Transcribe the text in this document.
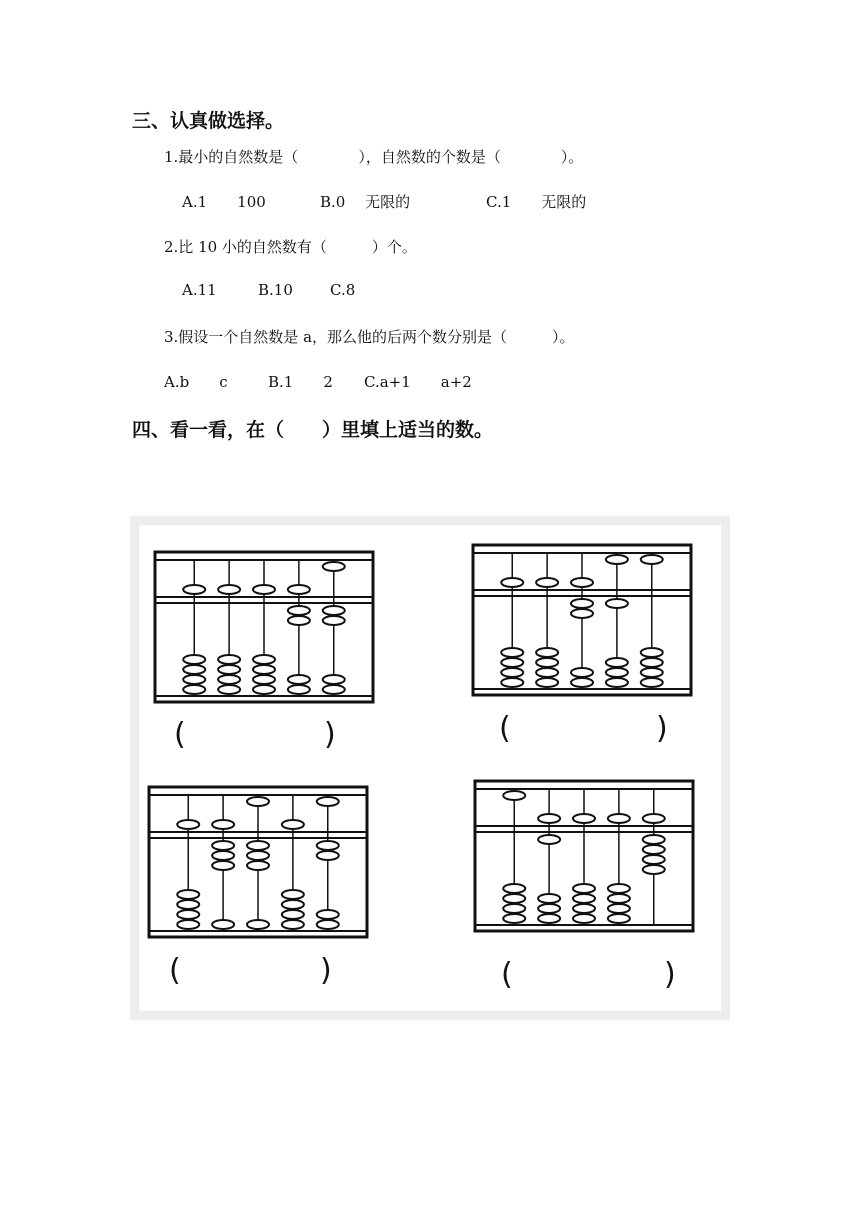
三、认真做选择。
1.最小的自然数是（　　　　），自然数的个数是（　　　　）。
A.1　　100	B.0　 无限的	C.1　　无限的
2.比 10 小的自然数有（　　　）个。
A.11	B.10 C.8
3.假设一个自然数是 a，那么他的后两个数分别是（　　　）。
A.b　　c	B.1　　2 C.a+1　　a+2
四、看一看，在（　　）里填上适当的数。
(	)	(	)
(	)	(	)
